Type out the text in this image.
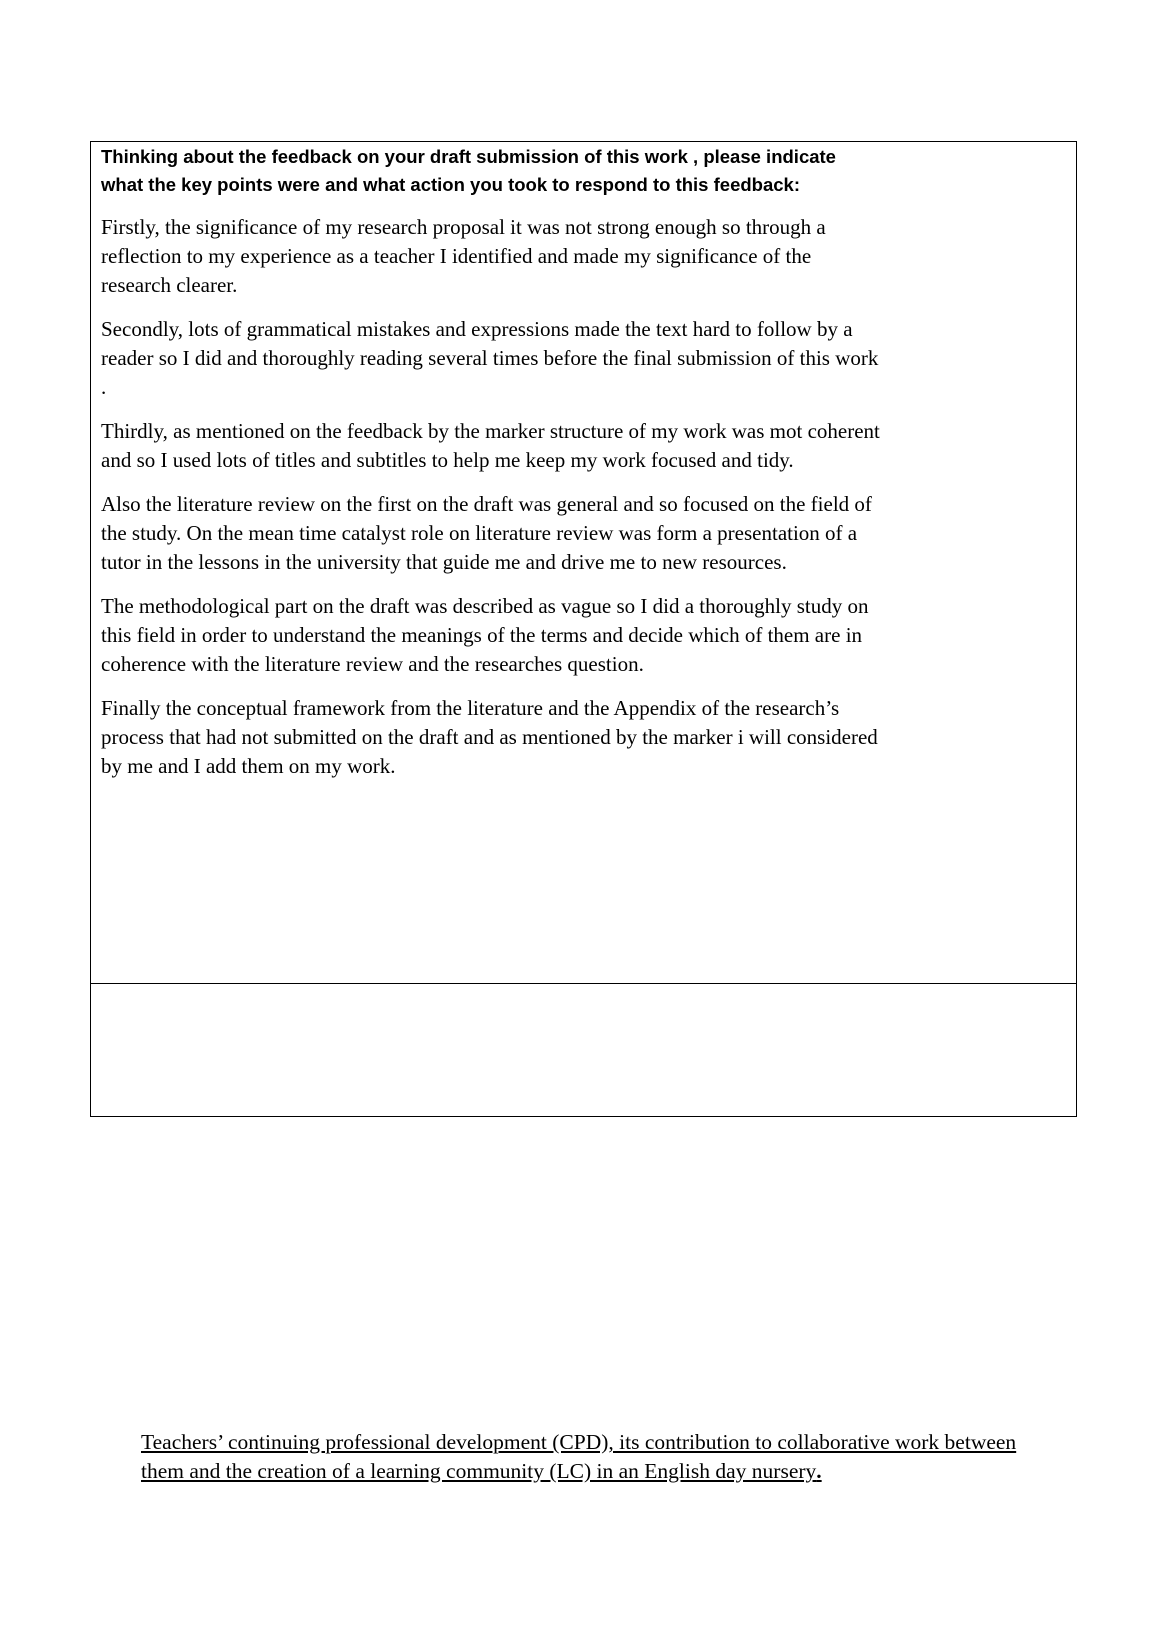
Thinking about the feedback on your draft submission of this work , please indicate what the key points were and what action you took to respond to this feedback:

Firstly, the significance of my research proposal it was not strong enough so through a reflection to my experience as a teacher I identified and made my significance of the research clearer.

Secondly, lots of grammatical mistakes and expressions made the text hard to follow by a reader so I did and thoroughly reading several times before the final submission of this work .

Thirdly, as mentioned on the feedback by the marker structure of my work was mot coherent and so I used lots of titles and subtitles to help me keep my work focused and tidy.

Also the literature review on the first on the draft was general and so focused on the field of the study. On the mean time catalyst role on literature review was form a presentation of a tutor in the lessons in the university that guide me and drive me to new resources.

The methodological part on the draft was described as vague so I did a thoroughly study on this field in order to understand the meanings of the terms and decide which of them are in coherence with the literature review and the researches question.

Finally the conceptual framework from the literature and the Appendix of the research’s process that had not submitted on the draft and as mentioned by the marker i will considered by me and I add them on my work.

Teachers’ continuing professional development (CPD), its contribution to collaborative work between them and the creation of a learning community (LC) in an English day nursery.
